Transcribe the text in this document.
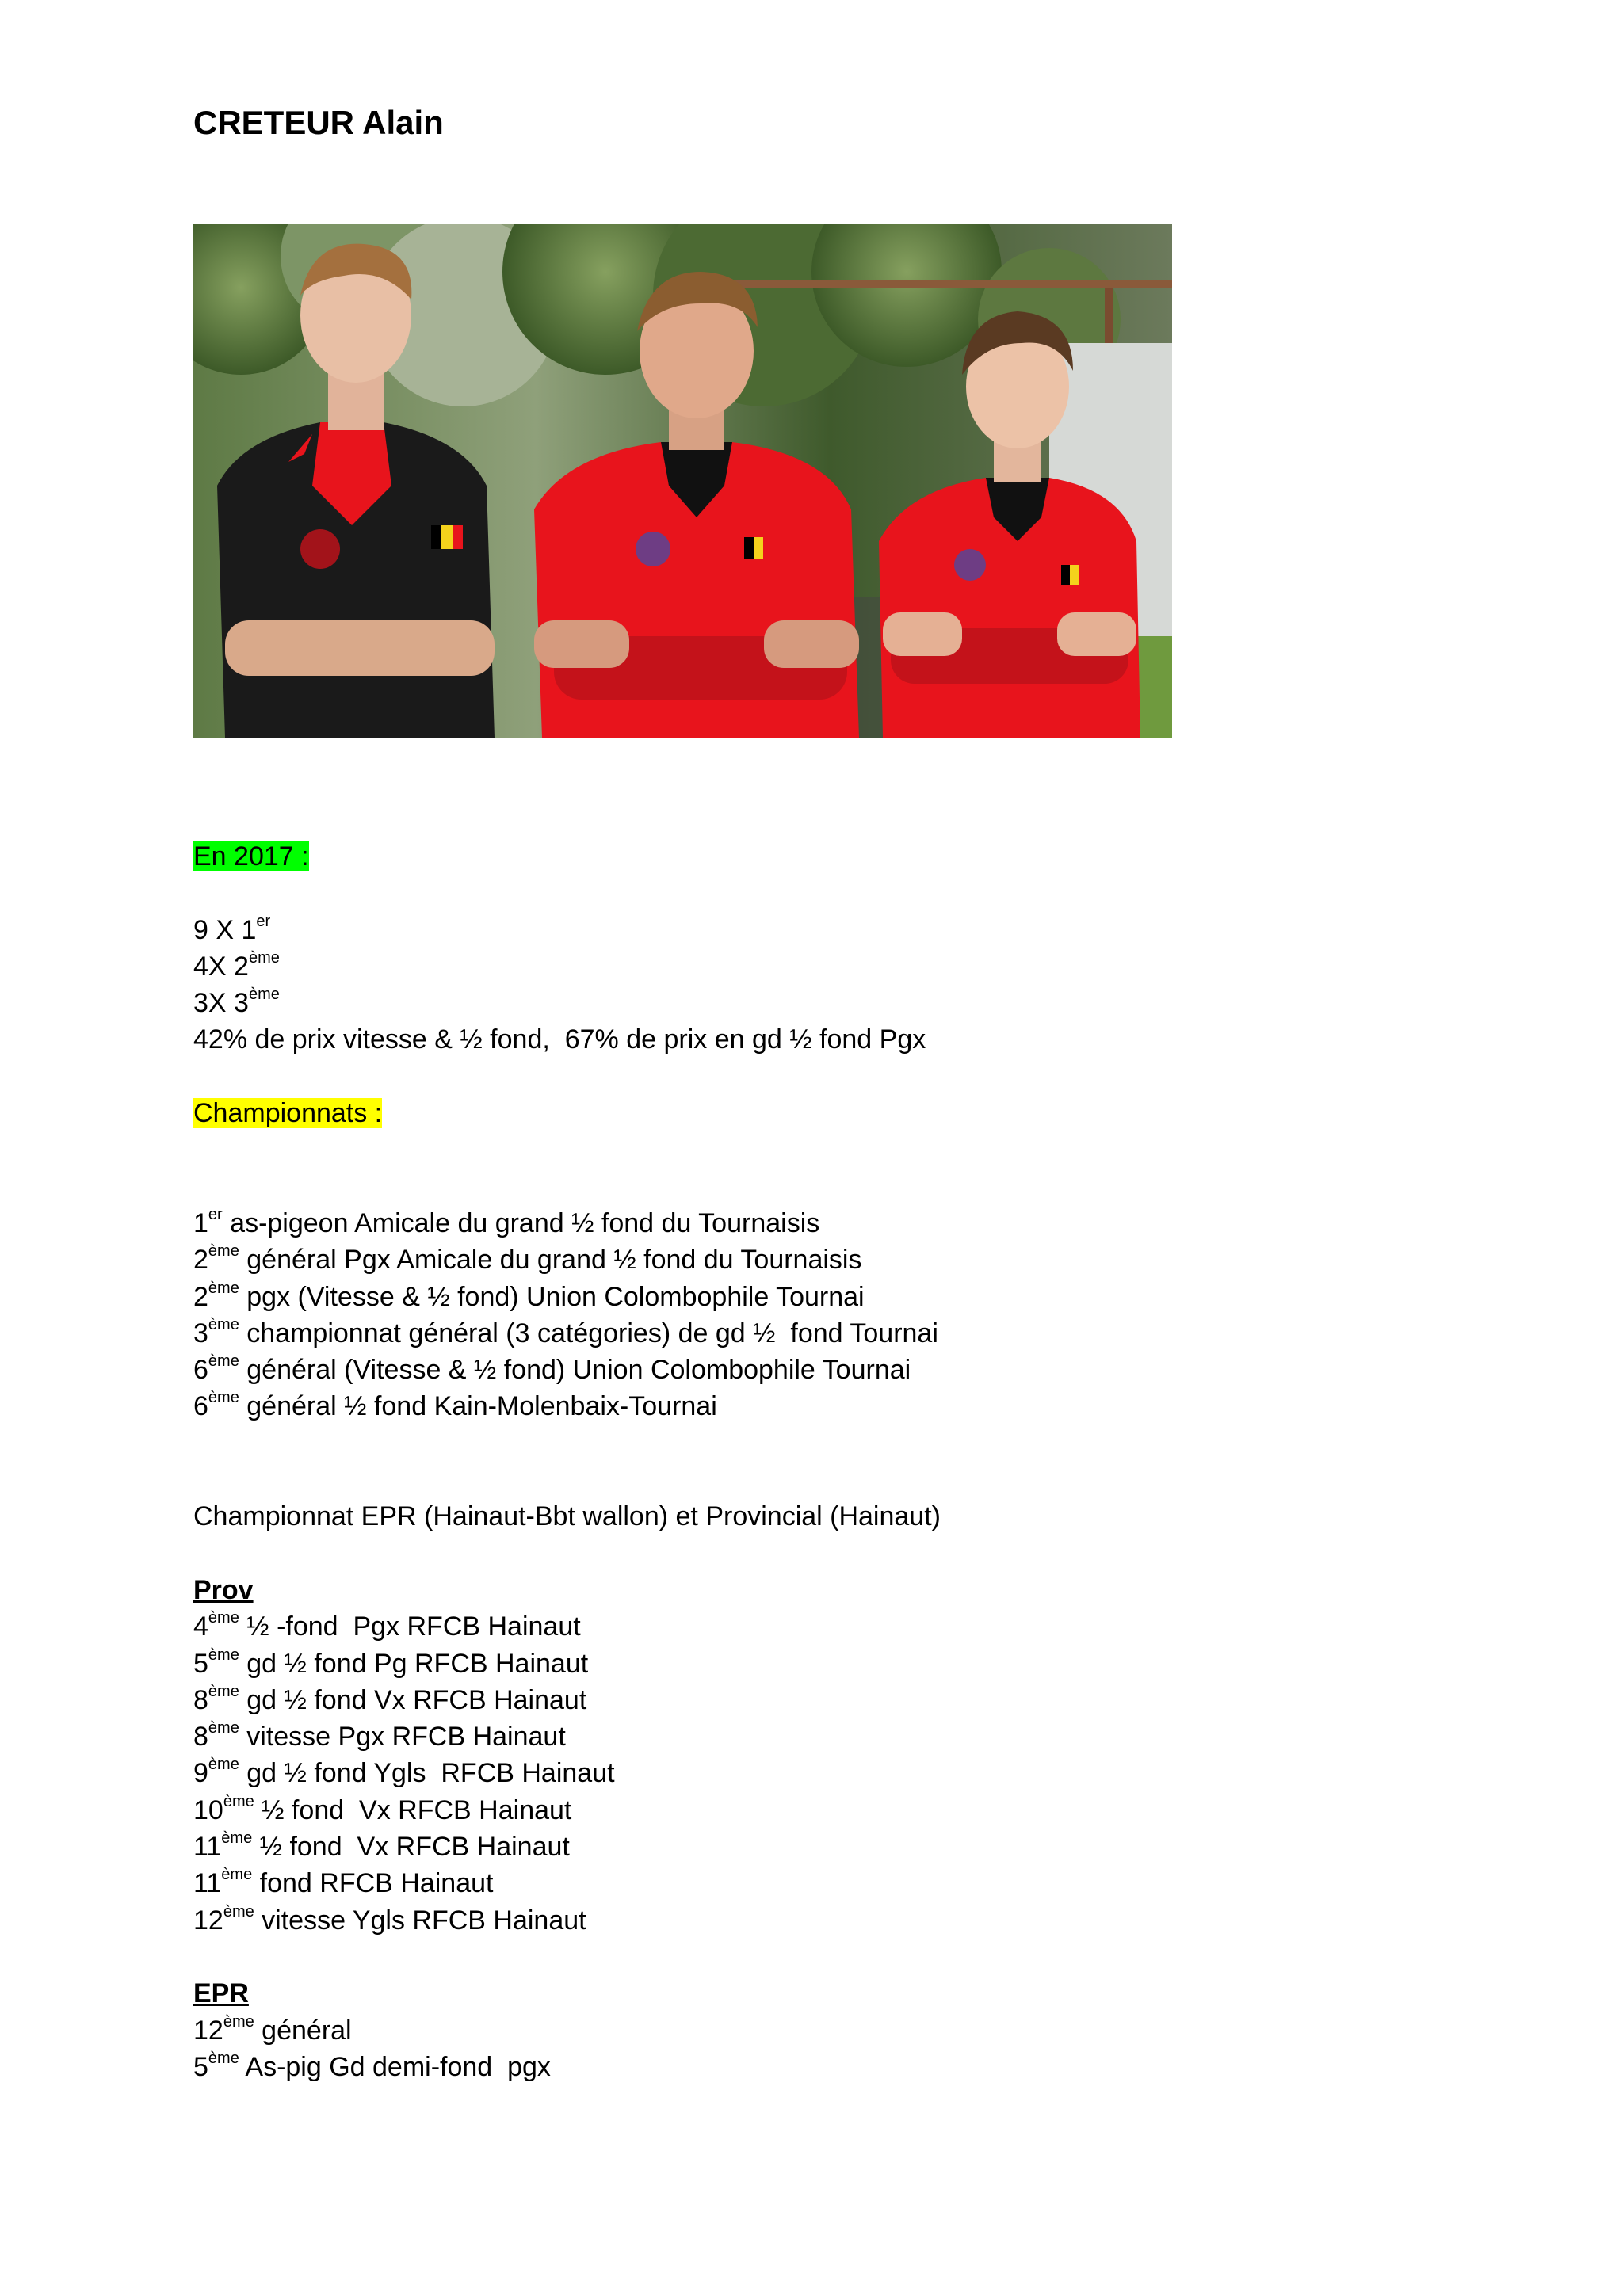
CRETEUR Alain
En 2017 :
9 X 1er
4X 2ème
3X 3ème
42% de prix vitesse & ½ fond,  67% de prix en gd ½ fond Pgx
Championnats :
1er as-pigeon Amicale du grand ½ fond du Tournaisis
2ème général Pgx Amicale du grand ½ fond du Tournaisis
2ème pgx (Vitesse & ½ fond) Union Colombophile Tournai
3ème championnat général (3 catégories) de gd ½  fond Tournai
6ème général (Vitesse & ½ fond) Union Colombophile Tournai
6ème général ½ fond Kain-Molenbaix-Tournai
Championnat EPR (Hainaut-Bbt wallon) et Provincial (Hainaut)
Prov
4ème ½ -fond  Pgx RFCB Hainaut
5ème gd ½ fond Pg RFCB Hainaut
8ème gd ½ fond Vx RFCB Hainaut
8ème vitesse Pgx RFCB Hainaut
9ème gd ½ fond Ygls  RFCB Hainaut
10ème ½ fond  Vx RFCB Hainaut
11ème ½ fond  Vx RFCB Hainaut
11ème fond RFCB Hainaut
12ème vitesse Ygls RFCB Hainaut
EPR
12ème général
5ème As-pig Gd demi-fond  pgx
